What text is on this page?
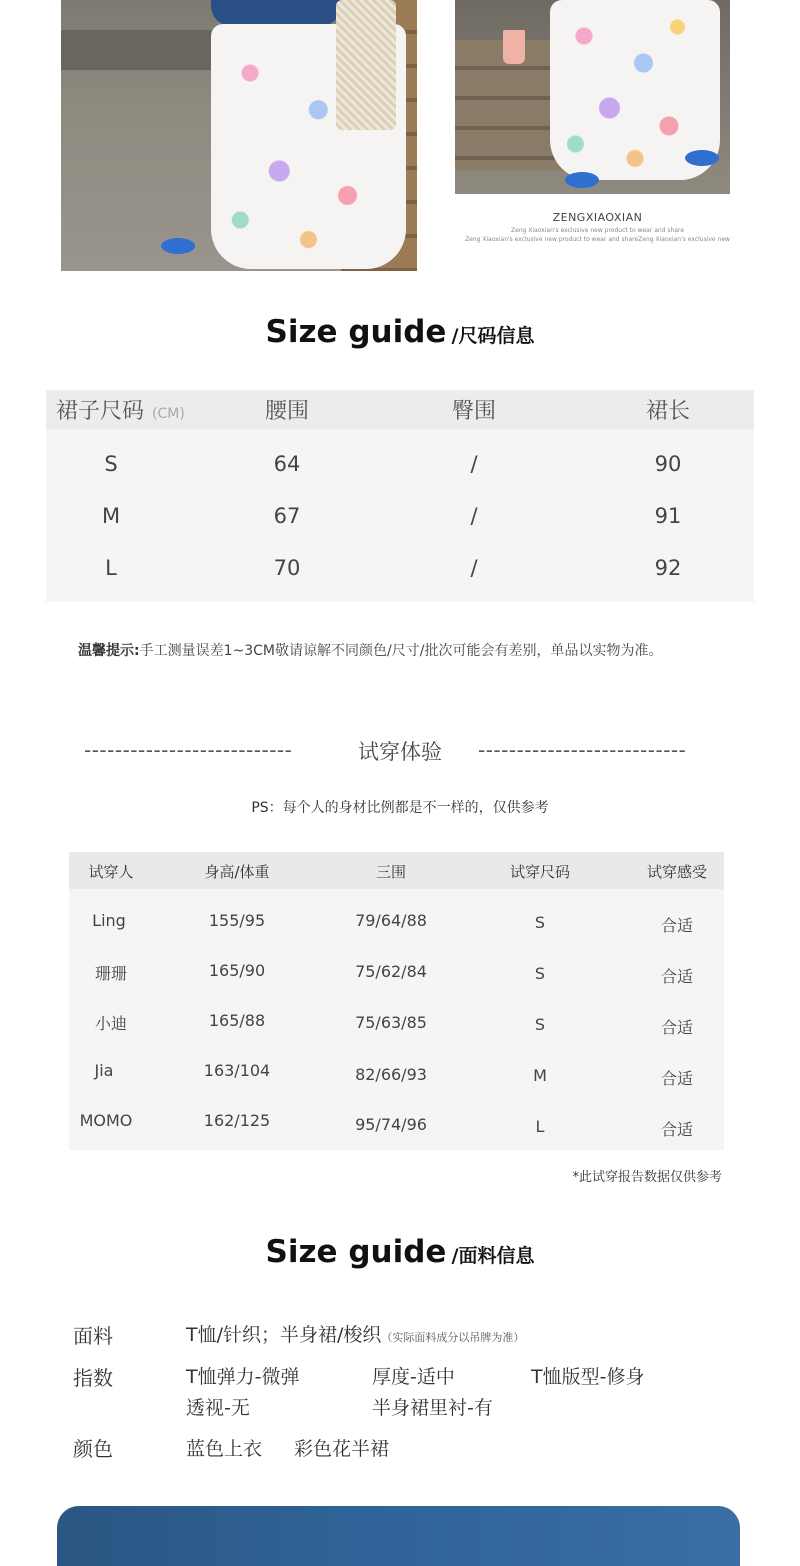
ZENGXIAOXIAN
Zeng Xiaoxian's exclusive new product to wear and share
Zeng Xiaoxian's exclusive new product to wear and shareZeng Xiaoxian's exclusive new
Size guide /尺码信息
裙子尺码 (CM)	腰围	臀围	裙长
S	64	/	90
M	67	/	91
L	70	/	92
温馨提示:手工测量误差1~3CM敬请谅解不同颜色/尺寸/批次可能会有差别，单品以实物为准。
---------------------------	试穿体验	---------------------------
PS：每个人的身材比例都是不一样的，仅供参考
试穿人	身高/体重	三围	试穿尺码	试穿感受
Ling	155/95	79/64/88	S	合适
珊珊	165/90	75/62/84	S	合适
小迪	165/88	75/63/85	S	合适
Jia	163/104	82/66/93	M	合适
MOMO	162/125	95/74/96	L	合适
*此试穿报告数据仅供参考
Size guide /面料信息
面料	T恤/针织；半身裙/梭织（实际面料成分以吊牌为准）
指数	T恤弹力-微弹	厚度-适中	T恤版型-修身
透视-无	半身裙里衬-有
颜色	蓝色上衣 彩色花半裙
